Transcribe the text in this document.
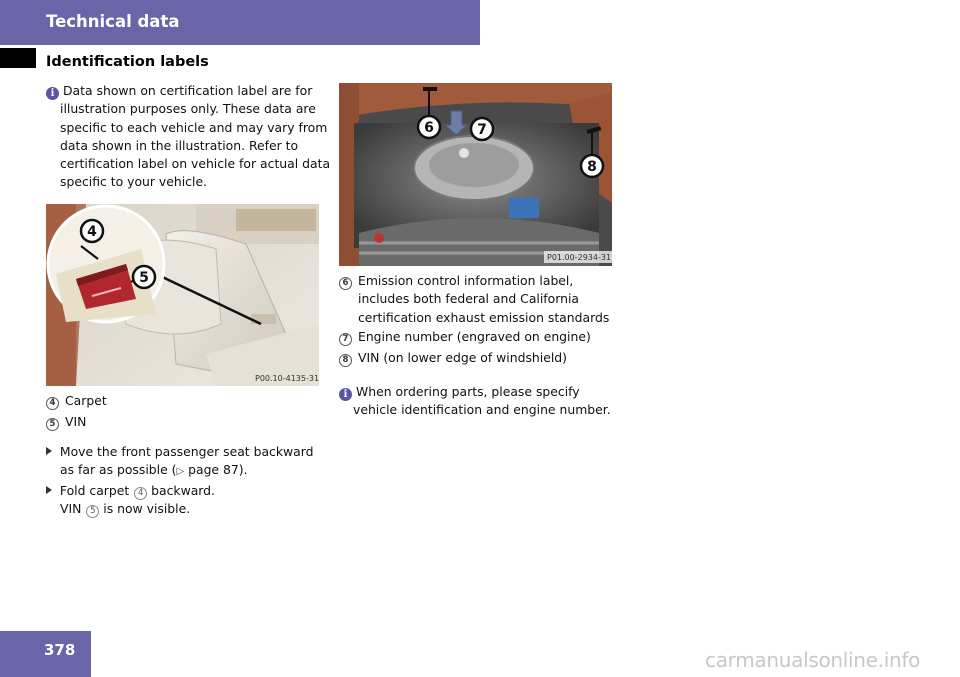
Technical data
Identification labels
i Data shown on certification label are for
illustration purposes only. These data are
specific to each vehicle and may vary from
data shown in the illustration. Refer to
certification label on vehicle for actual data
specific to your vehicle.
4
5
P00.10-4135-31
4 Carpet
5 VIN
Move the front passenger seat backward
as far as possible (▷ page 87).
Fold carpet 4 backward.
VIN 5 is now visible.
6	7
8
P01.00-2934-31
6 Emission control information label,
includes both federal and California
certification exhaust emission standards
7 Engine number (engraved on engine)
8 VIN (on lower edge of windshield)
i When ordering parts, please specify
vehicle identification and engine number.
378	carmanualsonline.info
